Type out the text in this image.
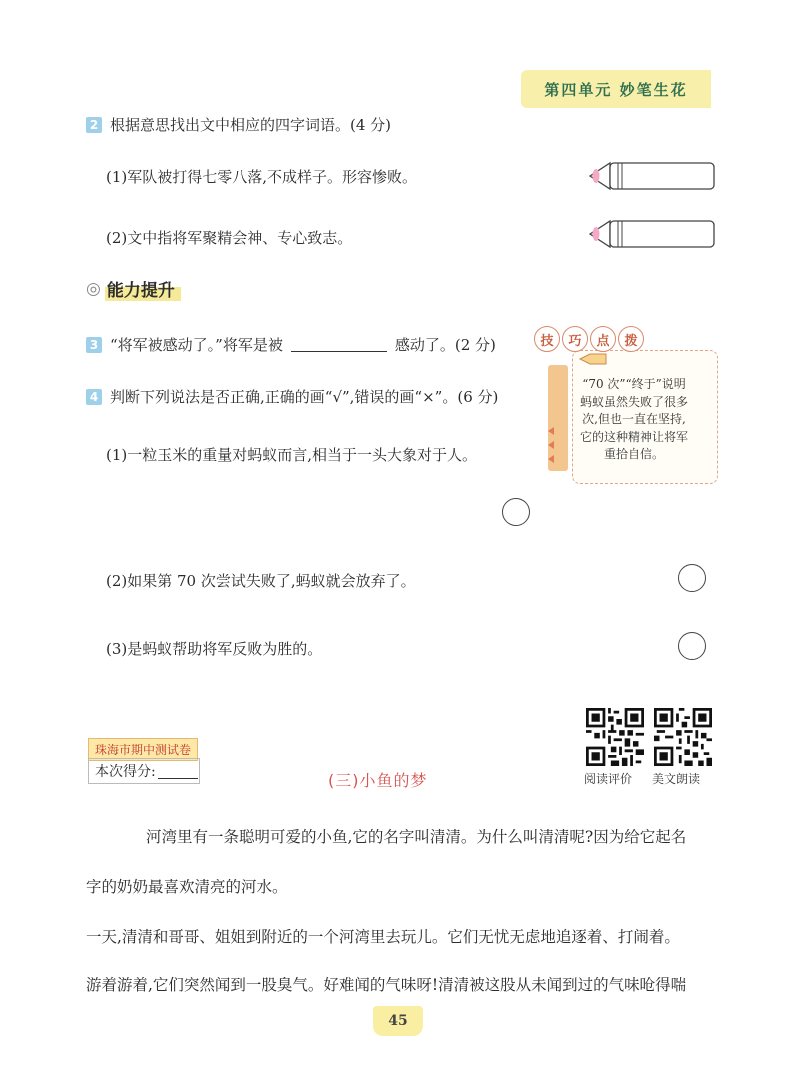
第四单元 妙笔生花
2 根据意思找出文中相应的四字词语。(4 分)
(1)军队被打得七零八落,不成样子。形容惨败。
(2)文中指将军聚精会神、专心致志。
◎ 能力提升
3 “将军被感动了。”将军是被	感动了。(2 分)	技	巧	点	拨
“70 次”“终于”说明蚂蚁虽然失败了很多次,但也一直在坚持,它的这种精神让将军重拾自信。
4 判断下列说法是否正确,正确的画“√”,错误的画“×”。(6 分)
(1)一粒玉米的重量对蚂蚁而言,相当于一头大象对于人。
(2)如果第 70 次尝试失败了,蚂蚁就会放弃了。
(3)是蚂蚁帮助将军反败为胜的。
珠海市期中测试卷
本次得分:	(三)小鱼的梦	阅读评价 美文朗读
河湾里有一条聪明可爱的小鱼,它的名字叫清清。为什么叫清清呢?因为给它起名
字的奶奶最喜欢清亮的河水。
一天,清清和哥哥、姐姐到附近的一个河湾里去玩儿。它们无忧无虑地追逐着、打闹着。
游着游着,它们突然闻到一股臭气。好难闻的气味呀!清清被这股从未闻到过的气味呛得喘
45
